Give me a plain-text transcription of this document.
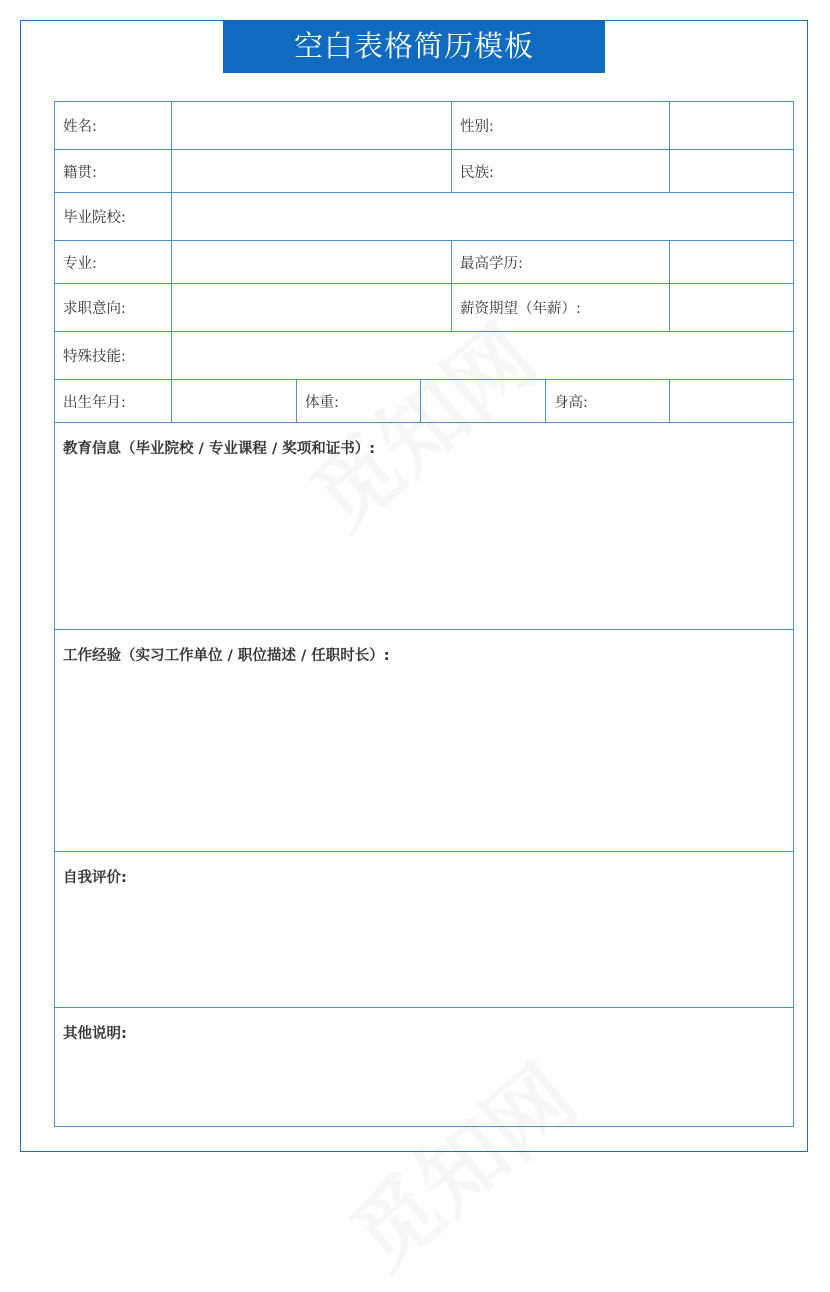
空白表格简历模板
姓名:				性别:		
籍贯:				民族:		
毕业院校:						
专业:				最高学历:		
求职意向:				薪资期望（年薪）:		
特殊技能:						
出生年月:		体重:			身高:	
教育信息（毕业院校 / 专业课程 / 奖项和证书）:						
工作经验（实习工作单位 / 职位描述 / 任职时长）:						
自我评价:						
其他说明:						
